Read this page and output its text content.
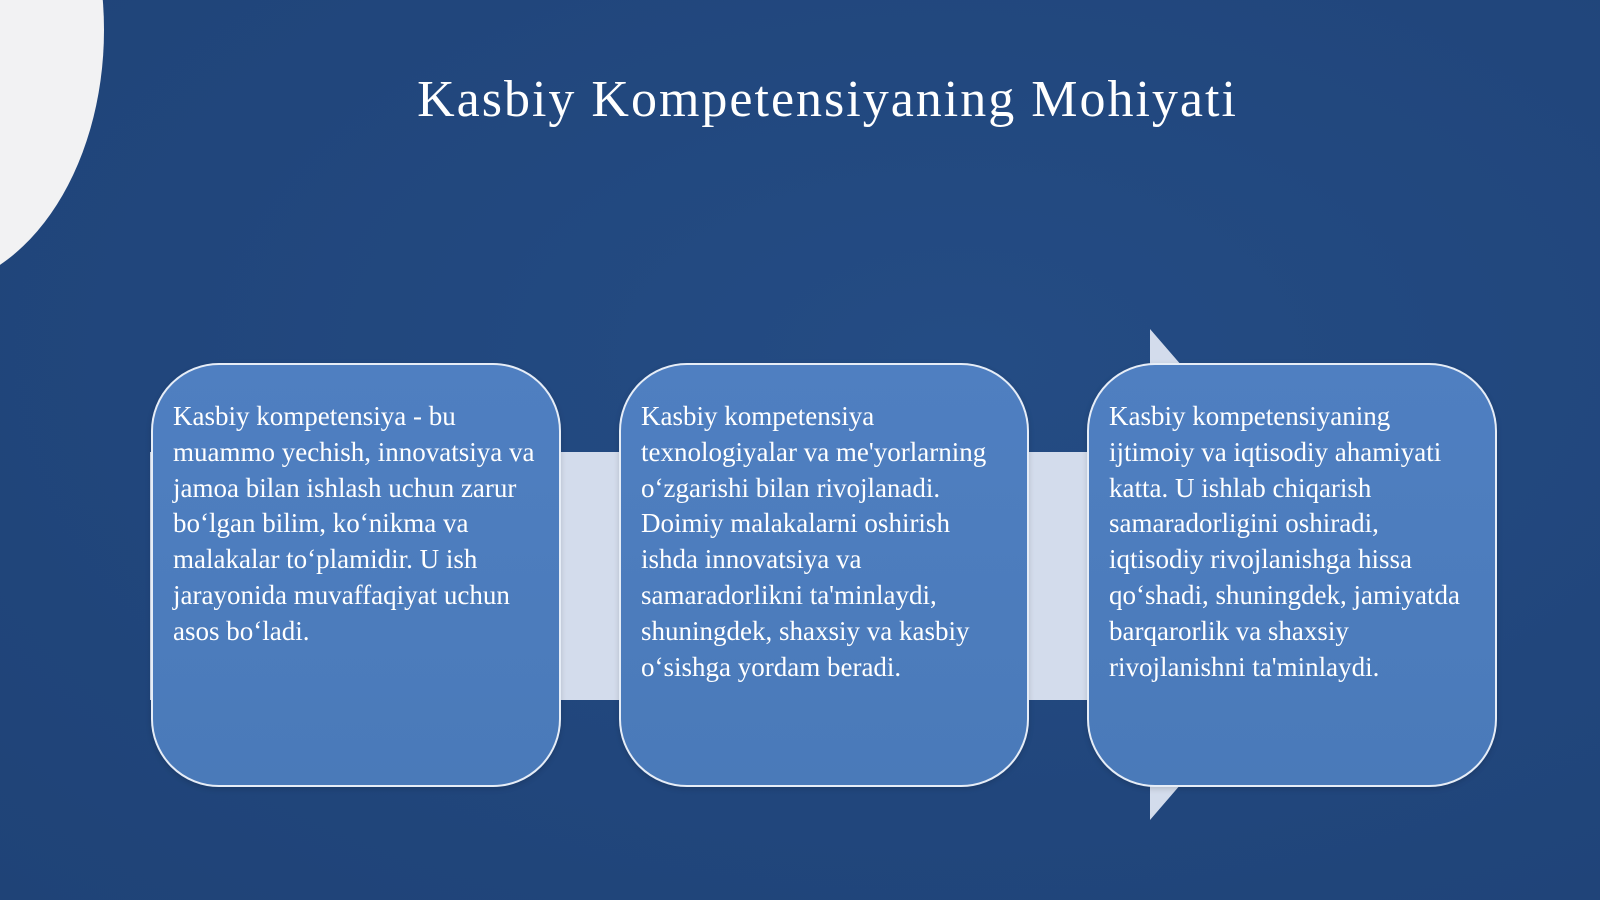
Kasbiy Kompetensiyaning Mohiyati

Kasbiy kompetensiya - bu muammo yechish, innovatsiya va jamoa bilan ishlash uchun zarur bo‘lgan bilim, ko‘nikma va malakalar to‘plamidir. U ish jarayonida muvaffaqiyat uchun asos bo‘ladi.

Kasbiy kompetensiya texnologiyalar va me'yorlarning o‘zgarishi bilan rivojlanadi. Doimiy malakalarni oshirish ishda innovatsiya va samaradorlikni ta'minlaydi, shuningdek, shaxsiy va kasbiy o‘sishga yordam beradi.

Kasbiy kompetensiyaning ijtimoiy va iqtisodiy ahamiyati katta. U ishlab chiqarish samaradorligini oshiradi, iqtisodiy rivojlanishga hissa qo‘shadi, shuningdek, jamiyatda barqarorlik va shaxsiy rivojlanishni ta'minlaydi.
